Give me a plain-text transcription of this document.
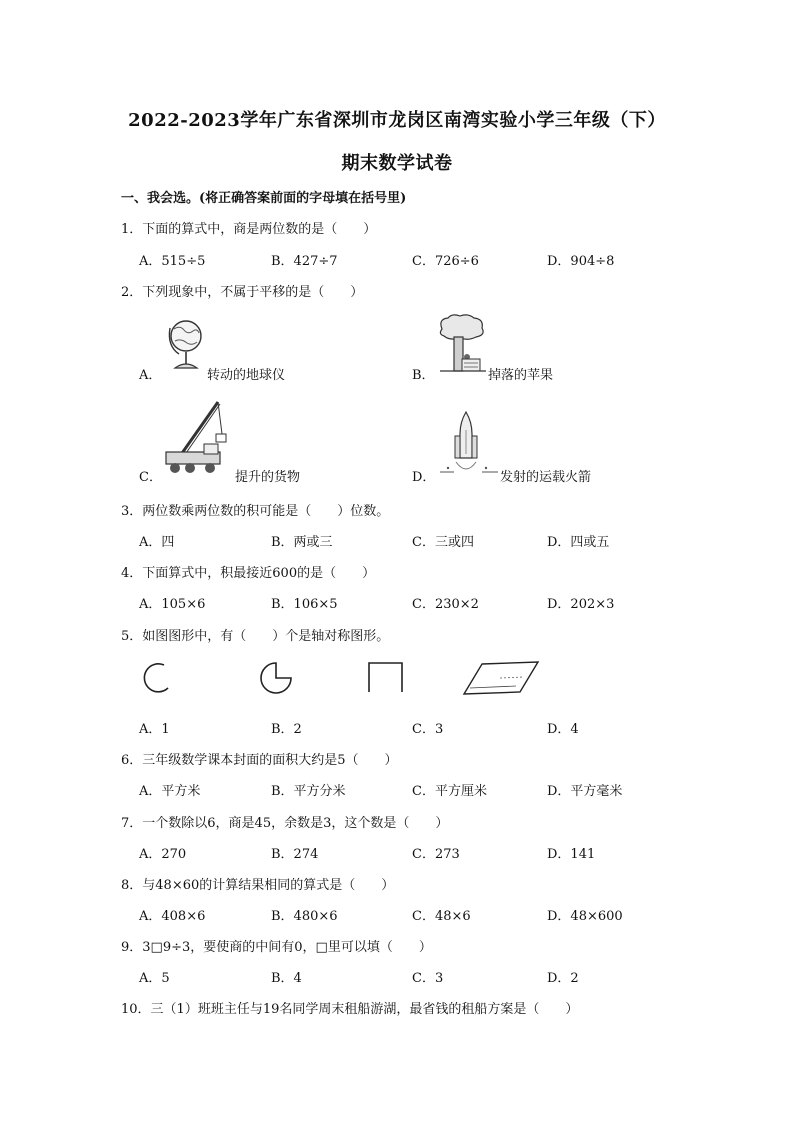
2022-2023学年广东省深圳市龙岗区南湾实验小学三年级（下）
期末数学试卷
一、我会选。(将正确答案前面的字母填在括号里)
1．下面的算式中，商是两位数的是（　　）
A．515÷5	B．427÷7	C．726÷6	D．904÷8
2．下列现象中，不属于平移的是（　　）
A．	转动的地球仪	B．	掉落的苹果
C．	提升的货物	D．	发射的运载火箭
3．两位数乘两位数的积可能是（　　）位数。
A．四	B．两或三	C．三或四	D．四或五
4．下面算式中，积最接近600的是（　　）
A．105×6	B．106×5	C．230×2	D．202×3
5．如图图形中，有（　　）个是轴对称图形。
A．1	B．2	C．3	D．4
6．三年级数学课本封面的面积大约是5（　　）
A．平方米	B．平方分米	C．平方厘米	D．平方毫米
7．一个数除以6，商是45，余数是3，这个数是（　　）
A．270	B．274	C．273	D．141
8．与48×60的计算结果相同的算式是（　　）
A．408×6	B．480×6	C．48×6	D．48×600
9．3□9÷3，要使商的中间有0，□里可以填（　　）
A．5	B．4	C．3	D．2
10．三（1）班班主任与19名同学周末租船游湖，最省钱的租船方案是（　　）
